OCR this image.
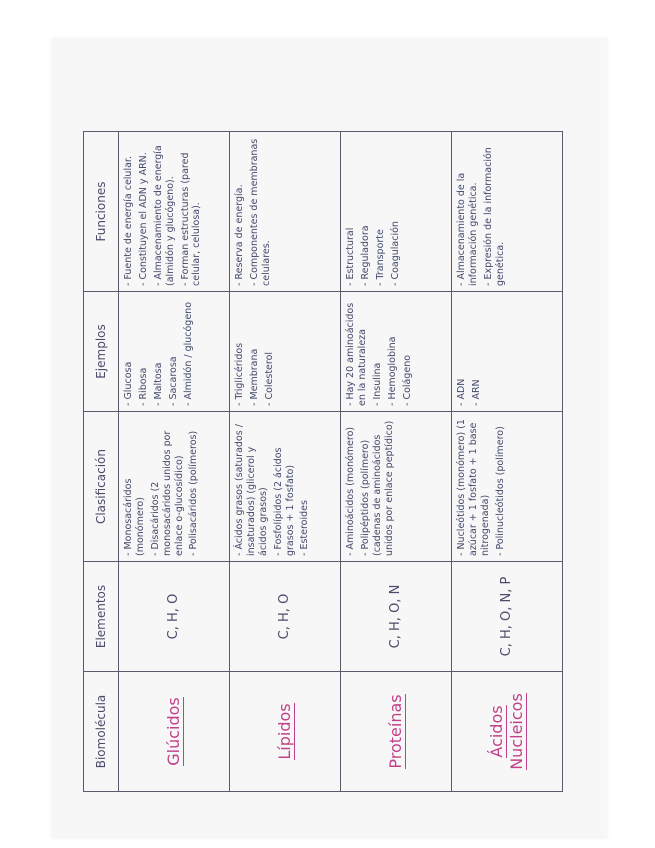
Biomolécula	Elementos	Clasificación	Ejemplos	Funciones
Glúcidos	C, H, O	- Monosacáridos (monómero) - Disacáridos (2 monosacáridos unidos por enlace o-glucosídico) - Polisacáridos (polímeros)	- Glucosa - Ribosa - Maltosa - Sacarosa - Almidón / glucógeno	- Fuente de energía celular. - Constituyen el ADN y ARN. - Almacenamiento de energía (almidón y glucógeno). - Forman estructuras (pared celular, celulosa).

Lípidos	C, H, O	- Ácidos grasos (saturados / insaturados) (glicerol y ácidos grasos) - Fosfolípidos (2 ácidos grasos + 1 fosfato) - Esteroides	- Triglicéridos - Membrana - Colesterol	- Reserva de energía. - Componentes de membranas celulares.

Proteínas	C, H, O, N	- Aminoácidos (monómero) - Polipéptidos (polímero) (cadenas de aminoácidos unidos por enlace peptídico)	- Hay 20 aminoácidos en la naturaleza - Insulina - Hemoglobina - Colágeno	- Estructural - Reguladora - Transporte - Coagulación

Ácidos Nucleicos	C, H, O, N, P	- Nucleótidos (monómero) (1 azúcar + 1 fosfato + 1 base nitrogenada) - Polinucleótidos (polímero)	- ADN - ARN	- Almacenamiento de la información genética. - Expresión de la información genética.
